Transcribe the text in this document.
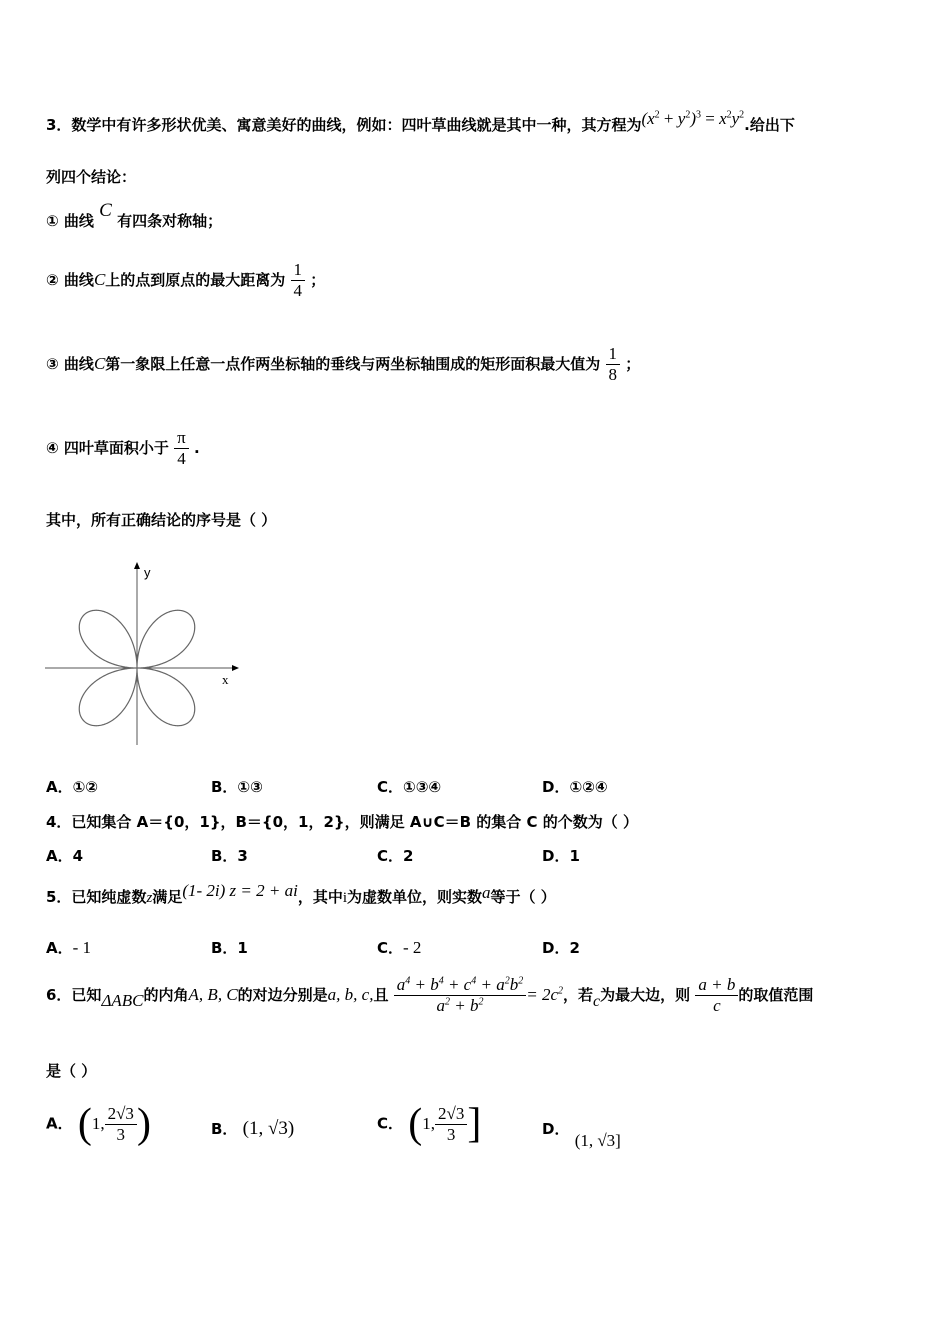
3．数学中有许多形状优美、寓意美好的曲线，例如：四叶草曲线就是其中一种，其方程为$(x^2 + y^2)^3 = x^2y^2$.给出下
列四个结论：
① 曲线 C 有四条对称轴；
② 曲线C上的点到原点的最大距离为 $\frac{1}{4}$ ；
③ 曲线C第一象限上任意一点作两坐标轴的垂线与两坐标轴围成的矩形面积最大值为 $\frac{1}{8}$ ；
④ 四叶草面积小于 $\frac{\pi}{4}$ .
其中，所有正确结论的序号是（ ）
y
x
A．①②	B．①③	C．①③④	D．①②④
4．已知集合 A＝{0，1}，B＝{0，1，2}，则满足 A∪C＝B 的集合 C 的个数为（ ）
A．4	B．3	C．2	D．1
5．已知纯虚数z满足(1- 2i) z = 2 + ai，其中i为虚数单位，则实数a等于（ ）
A．- 1	B．1	C．- 2	D．2
6．已知ΔABC的内角A, B, C的对边分别是a, b, c,且 $\frac{a^4 + b^4 + c^4 + a^2b^2}{a^2 + b^2} = 2c^2$，若c为最大边，则 $\frac{a + b}{c}$ 的取值范围
是（ ）
A． (1, $\frac{2√3}{3}$ )	B． (1, √3)	C． (1, $\frac{2√3}{3}$ ]	D． (1, √3]
